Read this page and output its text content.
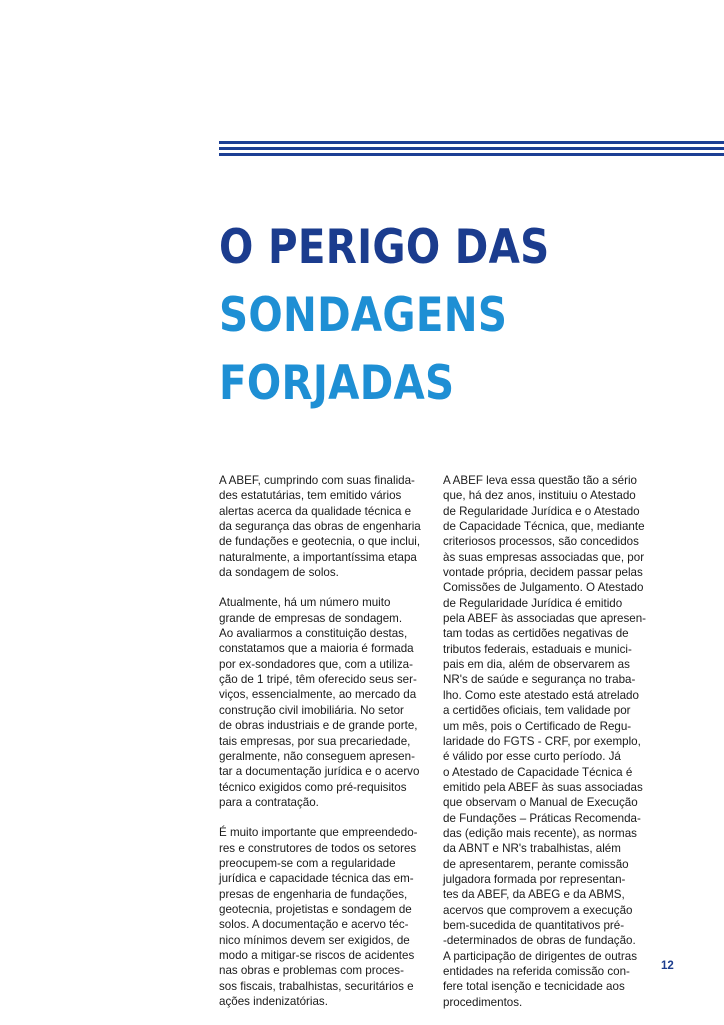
O PERIGO DAS
SONDAGENS
FORJADAS

A ABEF, cumprindo com suas finalida-
des estatutárias, tem emitido vários
alertas acerca da qualidade técnica e
da segurança das obras de engenharia
de fundações e geotecnia, o que inclui,
naturalmente, a importantíssima etapa
da sondagem de solos.

Atualmente, há um número muito
grande de empresas de sondagem.
Ao avaliarmos a constituição destas,
constatamos que a maioria é formada
por ex-sondadores que, com a utiliza-
ção de 1 tripé, têm oferecido seus ser-
viços, essencialmente, ao mercado da
construção civil imobiliária. No setor
de obras industriais e de grande porte,
tais empresas, por sua precariedade,
geralmente, não conseguem apresen-
tar a documentação jurídica e o acervo
técnico exigidos como pré-requisitos
para a contratação.

É muito importante que empreendedo-
res e construtores de todos os setores
preocupem-se com a regularidade
jurídica e capacidade técnica das em-
presas de engenharia de fundações,
geotecnia, projetistas e sondagem de
solos. A documentação e acervo téc-
nico mínimos devem ser exigidos, de
modo a mitigar-se riscos de acidentes
nas obras e problemas com proces-
sos fiscais, trabalhistas, securitários e
ações indenizatórias.

A ABEF leva essa questão tão a sério
que, há dez anos, instituiu o Atestado
de Regularidade Jurídica e o Atestado
de Capacidade Técnica, que, mediante
criteriosos processos, são concedidos
às suas empresas associadas que, por
vontade própria, decidem passar pelas
Comissões de Julgamento. O Atestado
de Regularidade Jurídica é emitido
pela ABEF às associadas que apresen-
tam todas as certidões negativas de
tributos federais, estaduais e munici-
pais em dia, além de observarem as
NR's de saúde e segurança no traba-
lho. Como este atestado está atrelado
a certidões oficiais, tem validade por
um mês, pois o Certificado de Regu-
laridade do FGTS - CRF, por exemplo,
é válido por esse curto período. Já
o Atestado de Capacidade Técnica é
emitido pela ABEF às suas associadas
que observam o Manual de Execução
de Fundações – Práticas Recomenda-
das (edição mais recente), as normas
da ABNT e NR's trabalhistas, além
de apresentarem, perante comissão
julgadora formada por representan-
tes da ABEF, da ABEG e da ABMS,
acervos que comprovem a execução
bem-sucedida de quantitativos pré-
-determinados de obras de fundação.
A participação de dirigentes de outras
entidades na referida comissão con-
fere total isenção e tecnicidade aos
procedimentos.

12
